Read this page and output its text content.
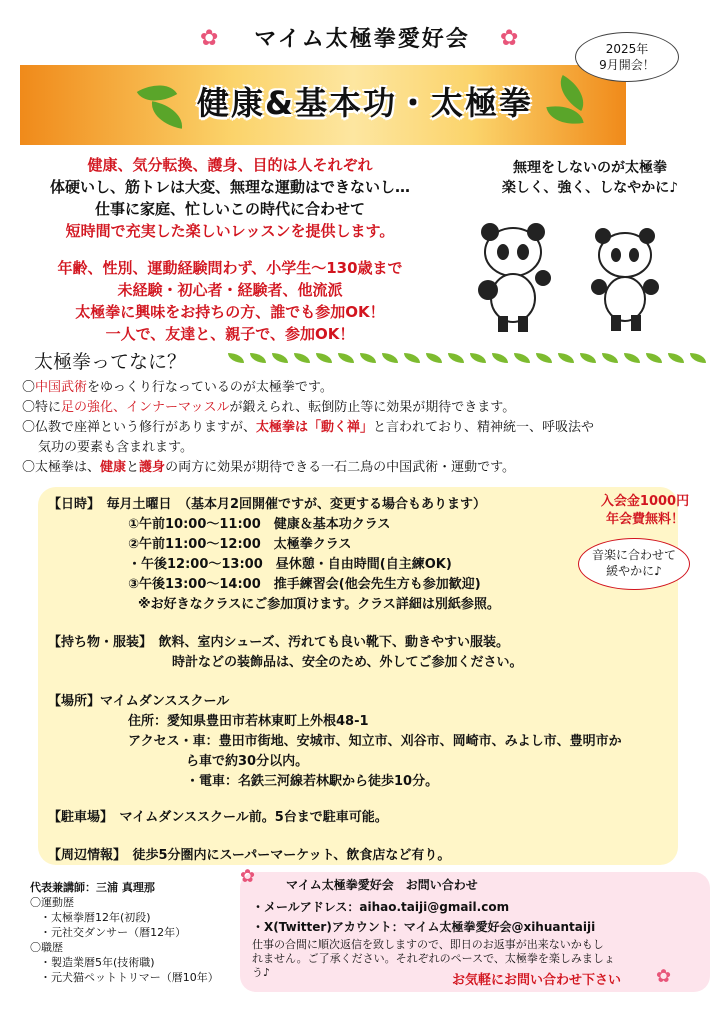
✿	マイム太極拳愛好会	✿
健康&基本功・太極拳
2025年
9月開会！
健康、気分転換、護身、目的は人それぞれ
体硬いし、筋トレは大変、無理な運動はできないし…
仕事に家庭、忙しいこの時代に合わせて
短時間で充実した楽しいレッスンを提供します。
年齢、性別、運動経験問わず、小学生～130歳まで
未経験・初心者・経験者、他流派
太極拳に興味をお持ちの方、誰でも参加OK！
一人で、友達と、親子で、参加OK！
無理をしないのが太極拳
楽しく、強く、しなやかに♪
太極拳ってなに？

〇中国武術をゆっくり行なっているのが太極拳です。

〇特に足の強化、インナーマッスルが鍛えられ、転倒防止等に効果が期待できます。

〇仏教で座禅という修行がありますが、太極拳は「動く禅」と言われており、精神統一、呼吸法や

気功の要素も含まれます。

〇太極拳は、健康と護身の両方に効果が期待できる一石二鳥の中国武術・運動です。

【日時】　毎月土曜日　（基本月2回開催ですが、変更する場合もあります）
①午前10:00～11:00　健康＆基本功クラス
②午前11:00～12:00　太極拳クラス
・午後12:00～13:00　昼休憩・自由時間(自主練OK)
③午後13:00～14:00　推手練習会(他会先生方も参加歓迎)
※お好きなクラスにご参加頂けます。クラス詳細は別紙参照。
入会金1000円
年会費無料！
音楽に合わせて
緩やかに♪
【持ち物・服装】　飲料、室内シューズ、汚れても良い靴下、動きやすい服装。
時計などの装飾品は、安全のため、外してご参加ください。
【場所】マイムダンススクール
住所：愛知県豊田市若林東町上外根48-1
アクセス・車：豊田市街地、安城市、知立市、刈谷市、岡崎市、みよし市、豊明市か
ら車で約30分以内。
・電車：名鉄三河線若林駅から徒歩10分。
【駐車場】　マイムダンススクール前。5台まで駐車可能。
【周辺情報】　徒歩5分圏内にスーパーマーケット、飲食店など有り。
代表兼講師：三浦 真理那
〇運動歴
・太極拳暦12年(初段)
・元社交ダンサー（暦12年）
〇職歴
・製造業暦5年(技術職)
・元犬猫ペットトリマー（暦10年）
✿	マイム太極拳愛好会　お問い合わせ
・メールアドレス：aihao.taiji@gmail.com
・X(Twitter)アカウント：マイム太極拳愛好会@xihuantaiji
仕事の合間に順次返信を致しますので、即日のお返事が出来ないかもし
れません。ご了承ください。それぞれのペースで、太極拳を楽しみましょ
う♪
お気軽にお問い合わせ下さい ✿
